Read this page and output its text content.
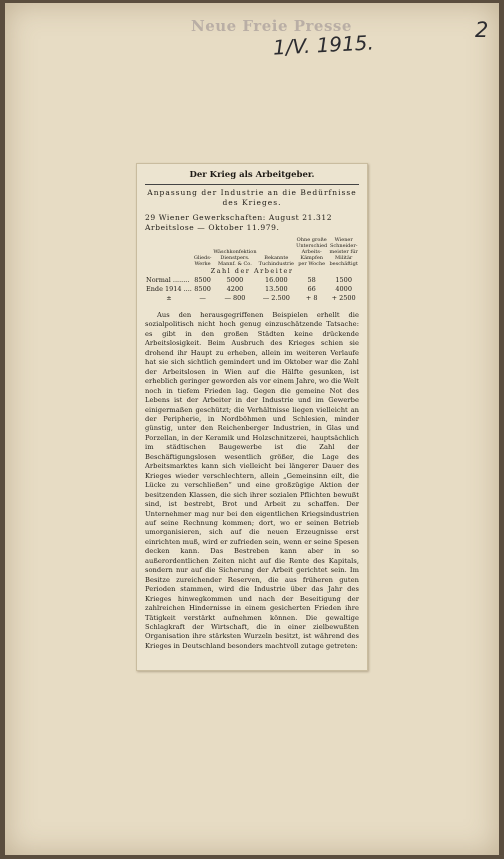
Neue Freie Presse
1/V. 1915.
2
Der Krieg als Arbeitgeber.
Anpassung der Industrie an die Bedürfnisse des Krieges.
29 Wiener Gewerkschaften: August 21.312 Arbeitslose — Oktober 11.979.
	Glieds-Werke	Wäschkonfektion Dienstpers. Mannf. & Co.	Bekannte Tuchindustrie	Ohne große Unterschied Arbeits-Kämpfen per Woche	Wiener Schneider-meister für Militär beschäftigt
Zahl der Arbeiter					
Normal ........	8500	5000	16.000	58	1500
Ende 1914 ....	8500	4200	13.500	66	4000
±	—	— 800	— 2.500	+ 8	+ 2500

Aus den herausgegriffenen Beispielen erhellt die sozialpolitisch nicht hoch genug einzuschätzende Tatsache: es gibt in den großen Städten keine drückende Arbeitslosigkeit. Beim Ausbruch des Krieges schien sie drohend ihr Haupt zu erheben, allein im weiteren Verlaufe hat sie sich sichtlich gemindert und im Oktober war die Zahl der Arbeitslosen in Wien auf die Hälfte gesunken, ist erheblich geringer geworden als vor einem Jahre, wo die Welt noch in tiefem Frieden lag. Gegen die gemeine Not des Lebens ist der Arbeiter in der Industrie und im Gewerbe einigermaßen geschützt; die Verhältnisse liegen vielleicht an der Peripherie, in Nordböhmen und Schlesien, minder günstig, unter den Reichenberger Industrien, in Glas und Porzellan, in der Keramik und Holzschnitzerei, hauptsächlich im städtischen Baugewerbe ist die Zahl der Beschäftigungslosen wesentlich größer, die Lage des Arbeitsmarktes kann sich vielleicht bei längerer Dauer des Krieges wieder verschlechtern, allein „Gemeinsinn eilt, die Lücke zu verschließen“ und eine großzügige Aktion der besitzenden Klassen, die sich ihrer sozialen Pflichten bewußt sind, ist bestrebt, Brot und Arbeit zu schaffen. Der Unternehmer mag nur bei den eigentlichen Kriegsindustrien auf seine Rechnung kommen; dort, wo er seinen Betrieb umorganisieren, sich auf die neuen Erzeugnisse erst einrichten muß, wird er zufrieden sein, wenn er seine Spesen decken kann. Das Bestreben kann aber in so außerordentlichen Zeiten nicht auf die Rente des Kapitals, sondern nur auf die Sicherung der Arbeit gerichtet sein. Im Besitze zureichender Reserven, die aus früheren guten Perioden stammen, wird die Industrie über das Jahr des Krieges hinwegkommen und nach der Beseitigung der zahlreichen Hindernisse in einem gesicherten Frieden ihre Tätigkeit verstärkt aufnehmen können. Die gewaltige Schlagkraft der Wirtschaft, die in einer zielbewußten Organisation ihre stärksten Wurzeln besitzt, ist während des Krieges in Deutschland besonders machtvoll zutage getreten:
